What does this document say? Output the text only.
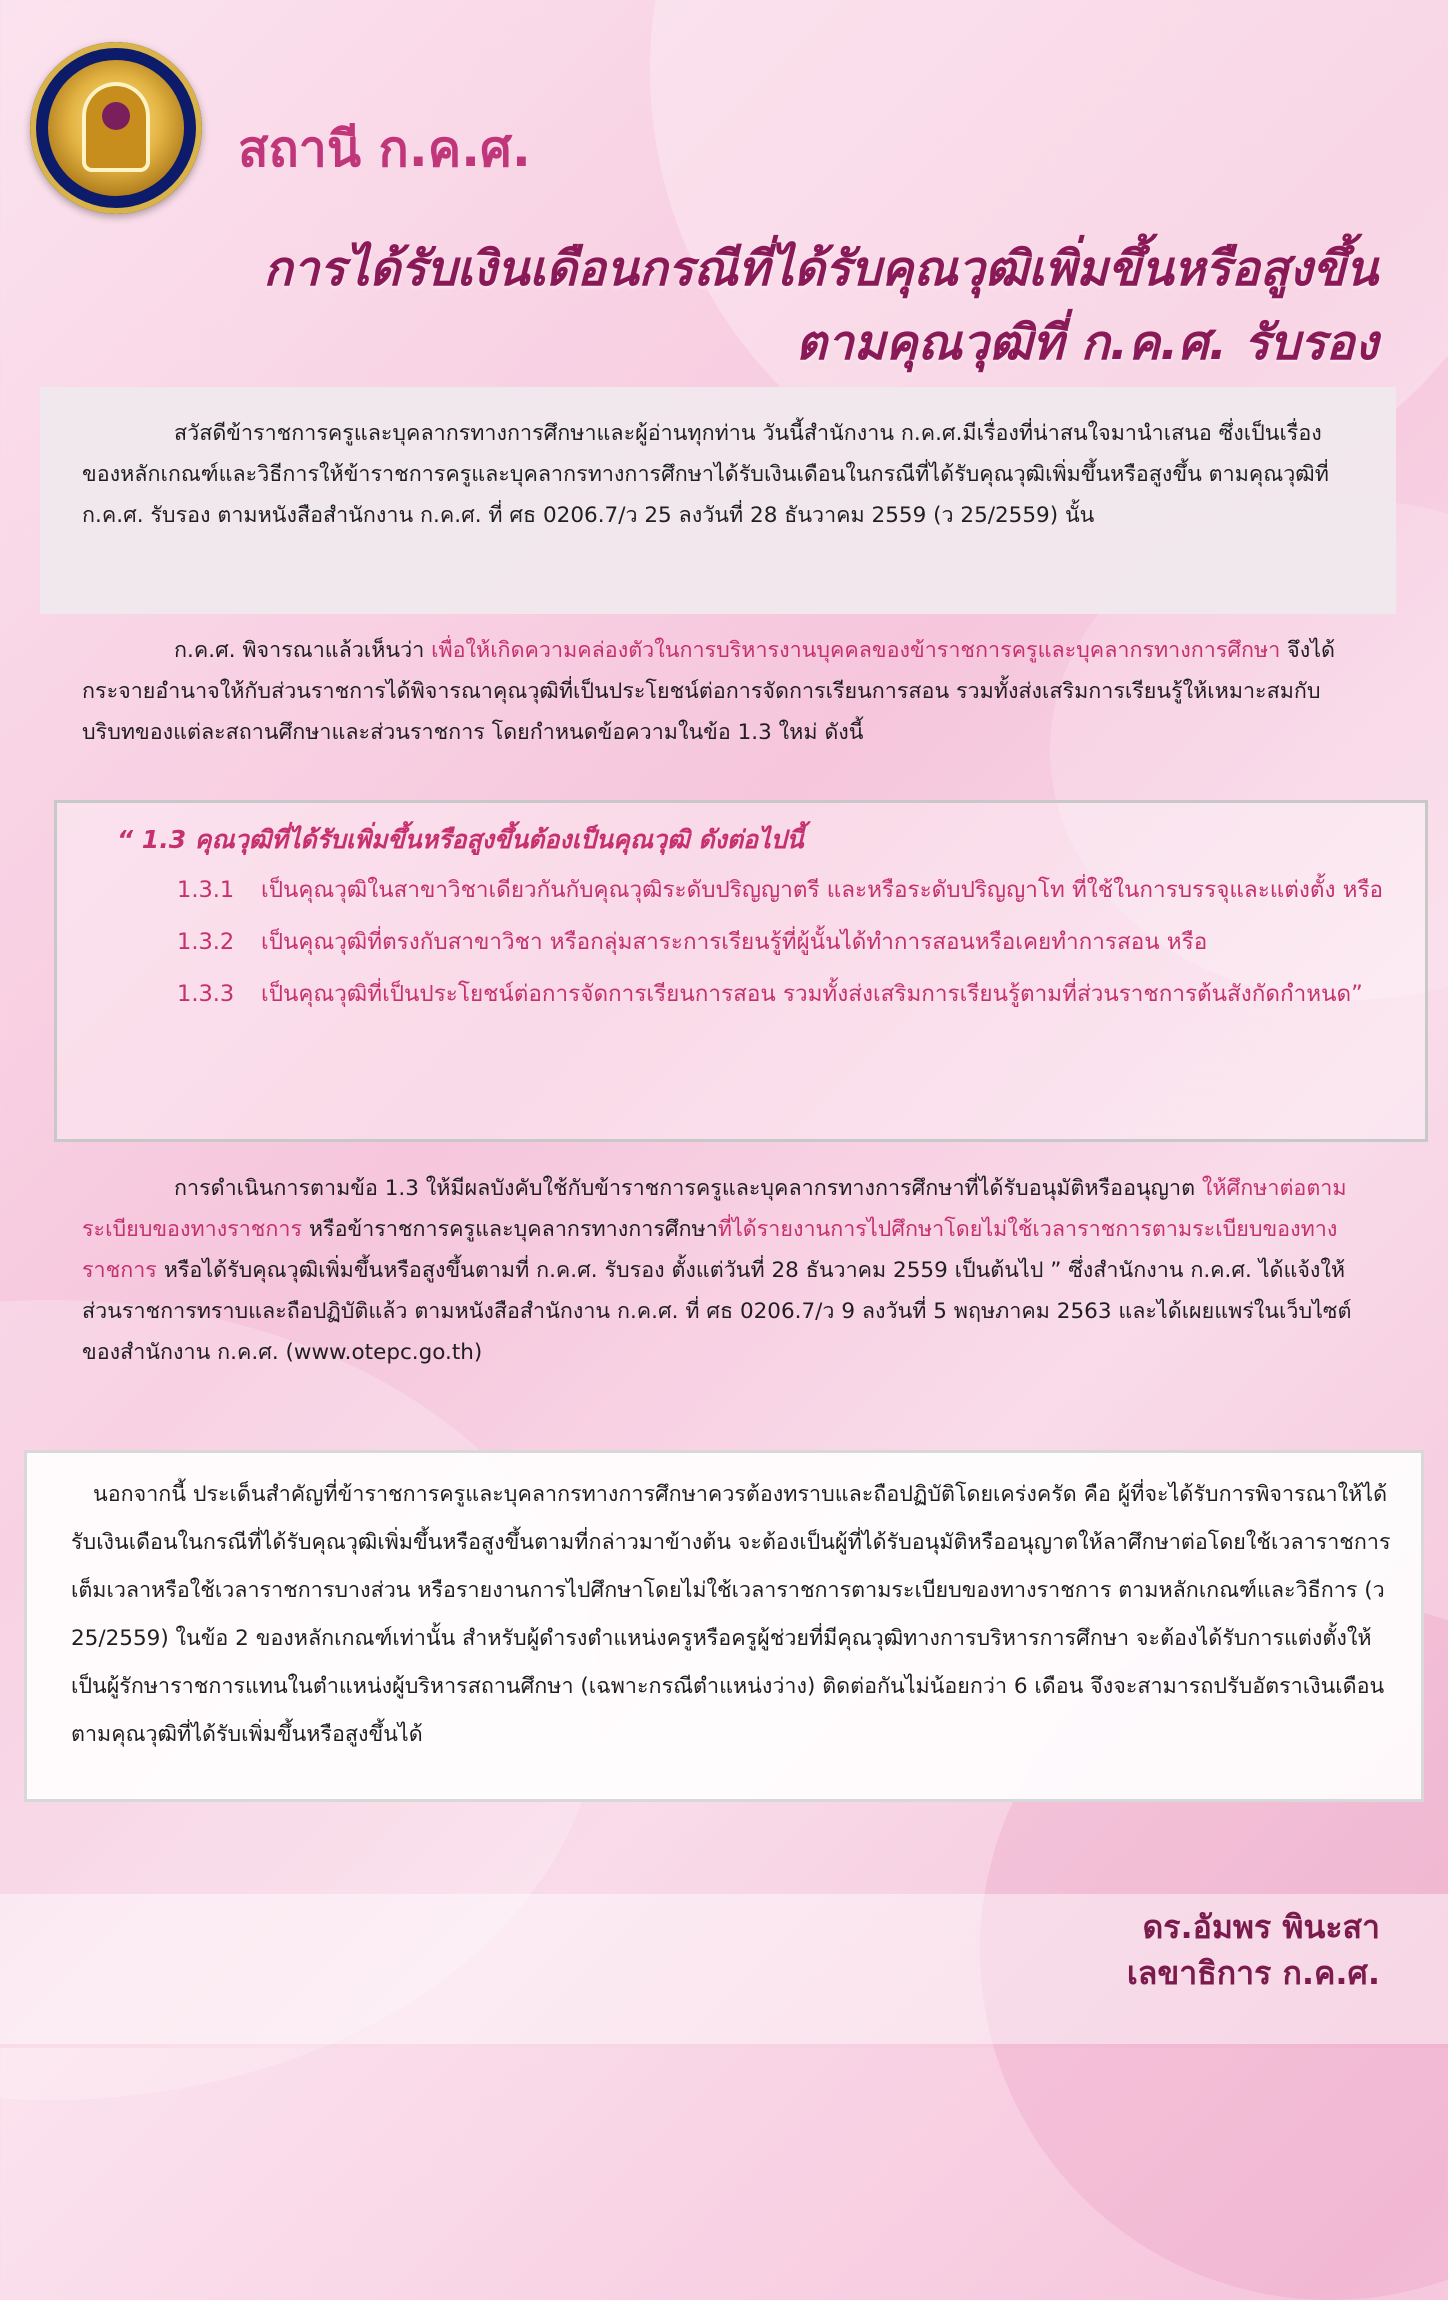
สถานี ก.ค.ศ.
การได้รับเงินเดือนกรณีที่ได้รับคุณวุฒิเพิ่มขึ้นหรือสูงขึ้น
ตามคุณวุฒิที่ ก.ค.ศ. รับรอง

สวัสดีข้าราชการครูและบุคลากรทางการศึกษาและผู้อ่านทุกท่าน วันนี้สำนักงาน ก.ค.ศ.มีเรื่องที่น่าสนใจมานำเสนอ ซึ่งเป็นเรื่องของหลักเกณฑ์และวิธีการให้ข้าราชการครูและบุคลากรทางการศึกษาได้รับเงินเดือนในกรณีที่ได้รับคุณวุฒิเพิ่มขึ้นหรือสูงขึ้น ตามคุณวุฒิที่ ก.ค.ศ. รับรอง ตามหนังสือสำนักงาน ก.ค.ศ. ที่ ศธ 0206.7/ว 25 ลงวันที่ 28 ธันวาคม 2559 (ว 25/2559) นั้น

ก.ค.ศ. พิจารณาแล้วเห็นว่า เพื่อให้เกิดความคล่องตัวในการบริหารงานบุคคลของข้าราชการครูและบุคลากรทางการศึกษา จึงได้กระจายอำนาจให้กับส่วนราชการได้พิจารณาคุณวุฒิที่เป็นประโยชน์ต่อการจัดการเรียนการสอน รวมทั้งส่งเสริมการเรียนรู้ให้เหมาะสมกับบริบทของแต่ละสถานศึกษาและส่วนราชการ โดยกำหนดข้อความในข้อ 1.3 ใหม่ ดังนี้

“ 1.3 คุณวุฒิที่ได้รับเพิ่มขึ้นหรือสูงขึ้นต้องเป็นคุณวุฒิ ดังต่อไปนี้
1.3.1	เป็นคุณวุฒิในสาขาวิชาเดียวกันกับคุณวุฒิระดับปริญญาตรี และหรือระดับปริญญาโท ที่ใช้ในการบรรจุและแต่งตั้ง หรือ
1.3.2	เป็นคุณวุฒิที่ตรงกับสาขาวิชา หรือกลุ่มสาระการเรียนรู้ที่ผู้นั้นได้ทำการสอนหรือเคยทำการสอน หรือ
1.3.3	เป็นคุณวุฒิที่เป็นประโยชน์ต่อการจัดการเรียนการสอน รวมทั้งส่งเสริมการเรียนรู้ตามที่ส่วนราชการต้นสังกัดกำหนด”

การดำเนินการตามข้อ 1.3 ให้มีผลบังคับใช้กับข้าราชการครูและบุคลากรทางการศึกษาที่ได้รับอนุมัติหรืออนุญาต ให้ศึกษาต่อตามระเบียบของทางราชการ หรือข้าราชการครูและบุคลากรทางการศึกษาที่ได้รายงานการไปศึกษาโดยไม่ใช้เวลาราชการตามระเบียบของทางราชการ หรือได้รับคุณวุฒิเพิ่มขึ้นหรือสูงขึ้นตามที่ ก.ค.ศ. รับรอง ตั้งแต่วันที่ 28 ธันวาคม 2559 เป็นต้นไป ” ซึ่งสำนักงาน ก.ค.ศ. ได้แจ้งให้ส่วนราชการทราบและถือปฏิบัติแล้ว ตามหนังสือสำนักงาน ก.ค.ศ. ที่ ศธ 0206.7/ว 9 ลงวันที่ 5 พฤษภาคม 2563 และได้เผยแพร่ในเว็บไซต์ของสำนักงาน ก.ค.ศ. (www.otepc.go.th)

นอกจากนี้ ประเด็นสำคัญที่ข้าราชการครูและบุคลากรทางการศึกษาควรต้องทราบและถือปฏิบัติโดยเคร่งครัด คือ ผู้ที่จะได้รับการพิจารณาให้ได้รับเงินเดือนในกรณีที่ได้รับคุณวุฒิเพิ่มขึ้นหรือสูงขึ้นตามที่กล่าวมาข้างต้น จะต้องเป็นผู้ที่ได้รับอนุมัติหรืออนุญาตให้ลาศึกษาต่อโดยใช้เวลาราชการเต็มเวลาหรือใช้เวลาราชการบางส่วน หรือรายงานการไปศึกษาโดยไม่ใช้เวลาราชการตามระเบียบของทางราชการ ตามหลักเกณฑ์และวิธีการ (ว 25/2559) ในข้อ 2 ของหลักเกณฑ์เท่านั้น สำหรับผู้ดำรงตำแหน่งครูหรือครูผู้ช่วยที่มีคุณวุฒิทางการบริหารการศึกษา จะต้องได้รับการแต่งตั้งให้เป็นผู้รักษาราชการแทนในตำแหน่งผู้บริหารสถานศึกษา (เฉพาะกรณีตำแหน่งว่าง) ติดต่อกันไม่น้อยกว่า 6 เดือน จึงจะสามารถปรับอัตราเงินเดือนตามคุณวุฒิที่ได้รับเพิ่มขึ้นหรือสูงขึ้นได้

ดร.อัมพร พินะสา
เลขาธิการ ก.ค.ศ.
